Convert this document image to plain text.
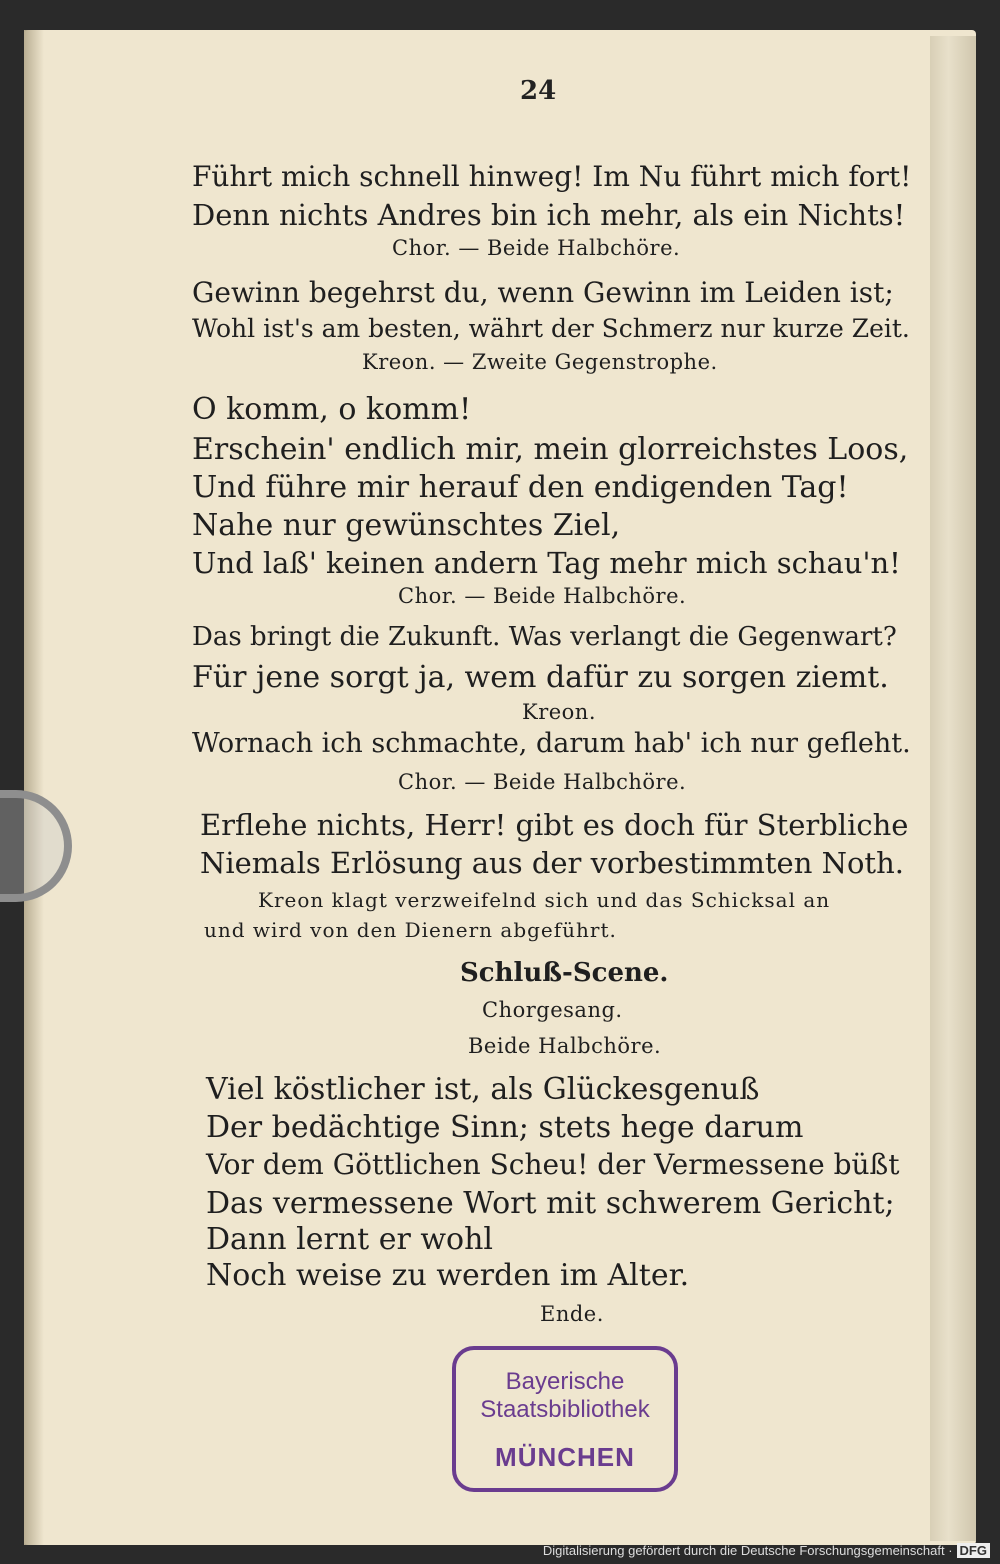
24
Führt mich schnell hinweg! Im Nu führt mich fort!
Denn nichts Andres bin ich mehr, als ein Nichts!
Chor. — Beide Halbchöre.
Gewinn begehrst du, wenn Gewinn im Leiden ist;
Wohl ist's am besten, währt der Schmerz nur kurze Zeit.
Kreon. — Zweite Gegenstrophe.
O komm, o komm!
Erschein' endlich mir, mein glorreichstes Loos,
Und führe mir herauf den endigenden Tag!
Nahe nur gewünschtes Ziel,
Und laß' keinen andern Tag mehr mich schau'n!
Chor. — Beide Halbchöre.
Das bringt die Zukunft. Was verlangt die Gegenwart?
Für jene sorgt ja, wem dafür zu sorgen ziemt.
Kreon.
Wornach ich schmachte, darum hab' ich nur gefleht.
Chor. — Beide Halbchöre.
Erflehe nichts, Herr! gibt es doch für Sterbliche
Niemals Erlösung aus der vorbestimmten Noth.
Kreon klagt verzweifelnd sich und das Schicksal an
und wird von den Dienern abgeführt.
Schluß-Scene.
Chorgesang.
Beide Halbchöre.
Viel köstlicher ist, als Glückesgenuß
Der bedächtige Sinn; stets hege darum
Vor dem Göttlichen Scheu! der Vermessene büßt
Das vermessene Wort mit schwerem Gericht;
Dann lernt er wohl
Noch weise zu werden im Alter.
Ende.
Bayerische
Staatsbibliothek
MÜNCHEN
Digitalisierung gefördert durch die Deutsche Forschungsgemeinschaft · DFG
